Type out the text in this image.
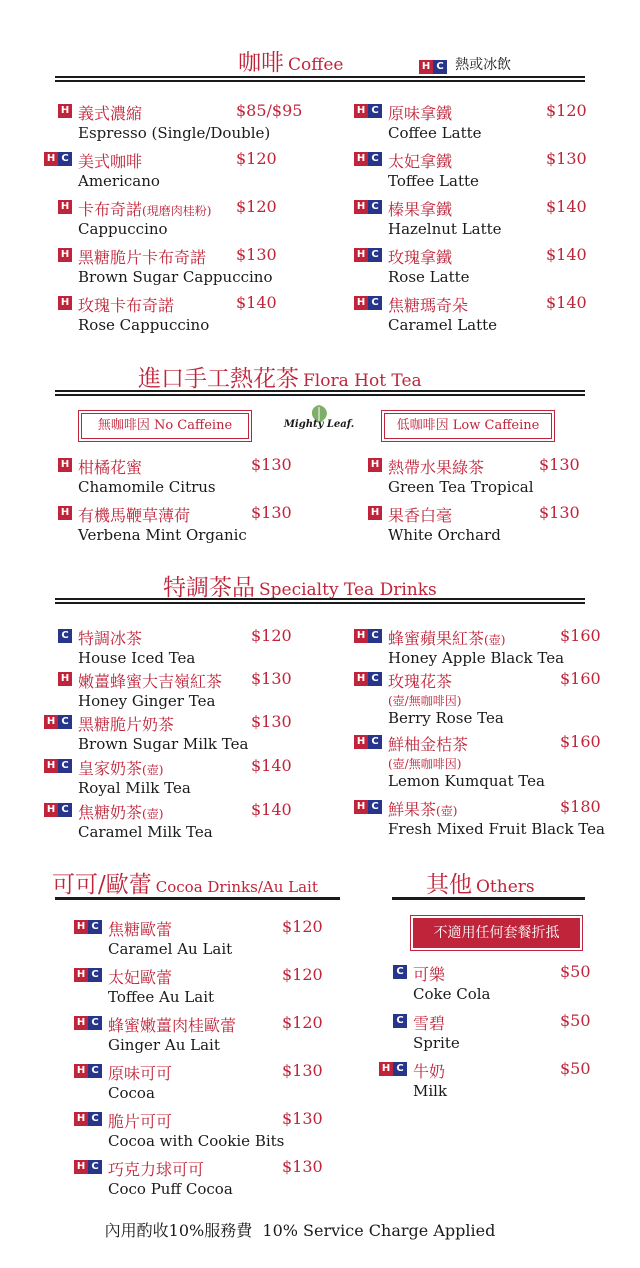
咖啡 Coffee	H C 熱或冰飲
H 義式濃縮
Espresso (Single/Double)
$85/$95
H C 美式咖啡
Americano
$120
H 卡布奇諾(現磨肉桂粉)
Cappuccino
$120
H 黑糖脆片卡布奇諾
Brown Sugar Cappuccino
$130
H 玫瑰卡布奇諾
Rose Cappuccino
$140
H C 原味拿鐵
Coffee Latte
$120
H C 太妃拿鐵
Toffee Latte
$130
H C 榛果拿鐵
Hazelnut Latte
$140
H C 玫瑰拿鐵
Rose Latte
$140
H C 焦糖瑪奇朵
Caramel Latte
$140
進口手工熱花茶 Flora Hot Tea
無咖啡因 No Caffeine	Mighty Leaf.	低咖啡因 Low Caffeine
H 柑橘花蜜
Chamomile Citrus
$130
H 有機馬鞭草薄荷
Verbena Mint Organic
$130
H 熱帶水果綠茶
Green Tea Tropical
$130
H 果香白毫
White Orchard
$130
特調茶品 Specialty Tea Drinks
C 特調冰茶
House Iced Tea
$120
H 嫩薑蜂蜜大吉嶺紅茶
Honey Ginger Tea
$130
H C 黑糖脆片奶茶
Brown Sugar Milk Tea
$130
H C 皇家奶茶(壺)
Royal Milk Tea
$140
H C 焦糖奶茶(壺)
Caramel Milk Tea
$140
H C 蜂蜜蘋果紅茶(壺)
Honey Apple Black Tea
$160
H C 玫瑰花茶
(壺/無咖啡因)
Berry Rose Tea
$160
H C 鮮柚金桔茶
(壺/無咖啡因)
Lemon Kumquat Tea
$160
H C 鮮果茶(壺)
Fresh Mixed Fruit Black Tea
$180
可可/歐蕾 Cocoa Drinks/Au Lait
H C 焦糖歐蕾
Caramel Au Lait
$120
H C 太妃歐蕾
Toffee Au Lait
$120
H C 蜂蜜嫩薑肉桂歐蕾
Ginger Au Lait
$120
H C 原味可可
Cocoa
$130
H C 脆片可可
Cocoa with Cookie Bits
$130
H C 巧克力球可可
Coco Puff Cocoa
$130
其他 Others
不適用任何套餐折抵
C 可樂
Coke Cola
$50
C 雪碧
Sprite
$50
H C 牛奶
Milk
$50
內用酌收10%服務費  10% Service Charge Applied
